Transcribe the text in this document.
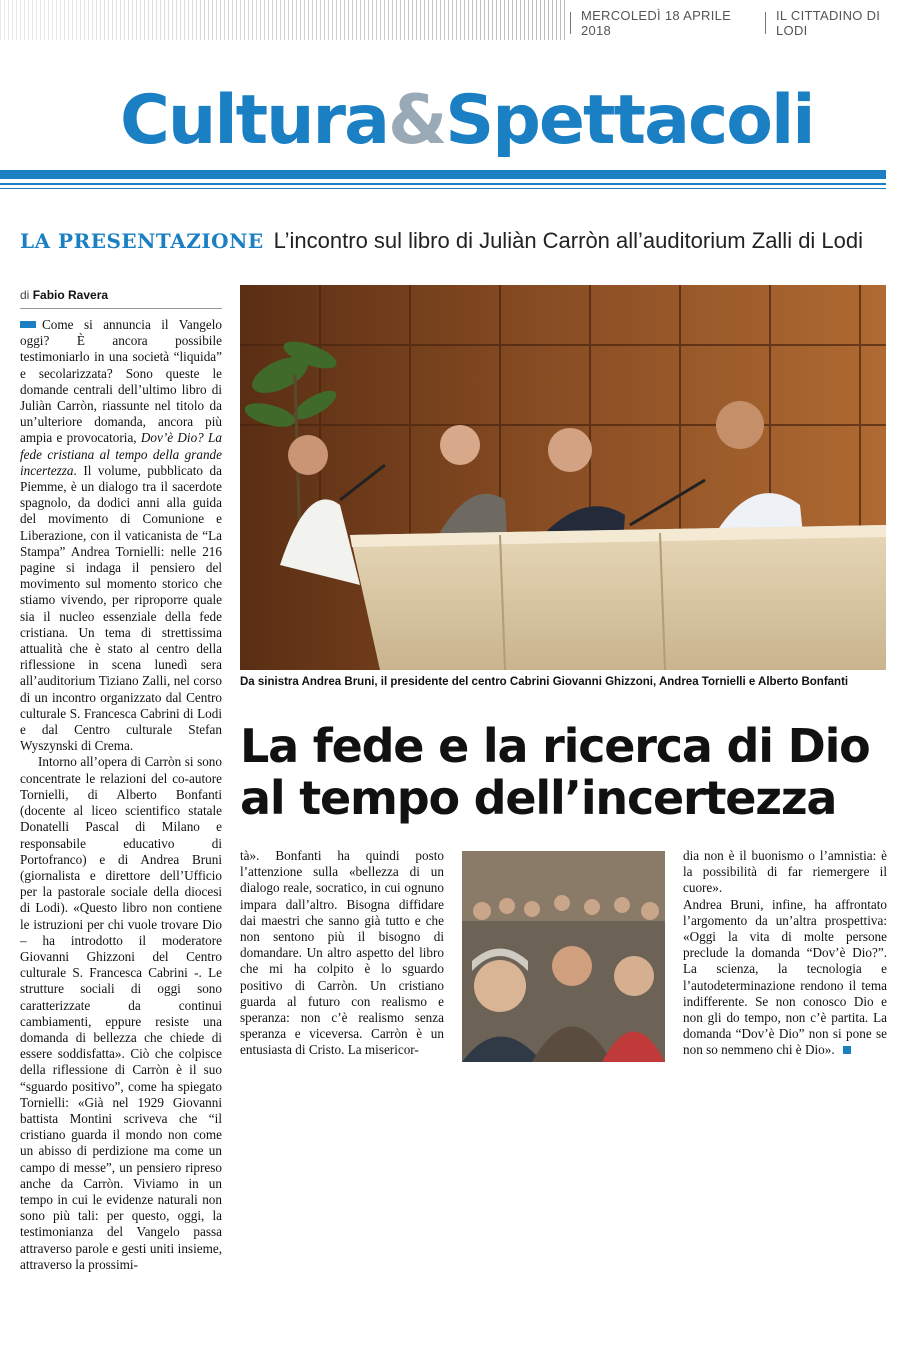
MERCOLEDÌ 18 APRILE 2018
IL CITTADINO DI LODI
Cultura&Spettacoli
LA PRESENTAZIONE L’incontro sul libro di Juliàn Carròn all’auditorium Zalli di Lodi
di Fabio Ravera

Come si annuncia il Vangelo oggi? È ancora possibile testimoniarlo in una società “liquida” e secolarizzata? Sono queste le domande centrali dell’ultimo libro di Juliàn Carròn, riassunte nel titolo da un’ulteriore domanda, ancora più ampia e provocatoria, Dov’è Dio? La fede cristiana al tempo della grande incertezza. Il volume, pubblicato da Piemme, è un dialogo tra il sacerdote spagnolo, da dodici anni alla guida del movimento di Comunione e Liberazione, con il vaticanista de “La Stampa” Andrea Tornielli: nelle 216 pagine si indaga il pensiero del movimento sul momento storico che stiamo vivendo, per riproporre quale sia il nucleo essenziale della fede cristiana. Un tema di strettissima attualità che è stato al centro della riflessione in scena lunedì sera all’auditorium Tiziano Zalli, nel corso di un incontro organizzato dal Centro culturale S. Francesca Cabrini di Lodi e dal Centro culturale Stefan Wyszynski di Crema.

Intorno all’opera di Carròn si sono concentrate le relazioni del co-autore Tornielli, di Alberto Bonfanti (docente al liceo scientifico statale Donatelli Pascal di Milano e responsabile educativo di Portofranco) e di Andrea Bruni (giornalista e direttore dell’Ufficio per la pastorale sociale della diocesi di Lodi). «Questo libro non contiene le istruzioni per chi vuole trovare Dio – ha introdotto il moderatore Giovanni Ghizzoni del Centro culturale S. Francesca Cabrini -. Le strutture sociali di oggi sono caratterizzate da continui cambiamenti, eppure resiste una domanda di bellezza che chiede di essere soddisfatta». Ciò che colpisce della riflessione di Carròn è il suo “sguardo positivo”, come ha spiegato Tornielli: «Già nel 1929 Giovanni battista Montini scriveva che “il cristiano guarda il mondo non come un abisso di perdizione ma come un campo di messe”, un pensiero ripreso anche da Carròn. Viviamo in un tempo in cui le evidenze naturali non sono più tali: per questo, oggi, la testimonianza del Vangelo passa attraverso parole e gesti uniti insieme, attraverso la prossimi-

Da sinistra Andrea Bruni, il presidente del centro Cabrini Giovanni Ghizzoni, Andrea Tornielli e Alberto Bonfanti
La fede e la ricerca di Dio
al tempo dell’incertezza

tà». Bonfanti ha quindi posto l’attenzione sulla «bellezza di un dialogo reale, socratico, in cui ognuno impara dall’altro. Bisogna diffidare dai maestri che sanno già tutto e che non sentono più il bisogno di domandare. Un altro aspetto del libro che mi ha colpito è lo sguardo positivo di Carròn. Un cristiano guarda al futuro con realismo e speranza: non c’è realismo senza speranza e viceversa. Carròn è un entusiasta di Cristo. La misericor-

dia non è il buonismo o l’amnistia: è la possibilità di far riemergere il cuore».

Andrea Bruni, infine, ha affrontato l’argomento da un’altra prospettiva: «Oggi la vita di molte persone preclude la domanda “Dov’è Dio?”. La scienza, la tecnologia e l’autodeterminazione rendono il tema indifferente. Se non conosco Dio e non gli do tempo, non c’è partita. La domanda “Dov’è Dio” non si pone se non so nemmeno chi è Dio».
